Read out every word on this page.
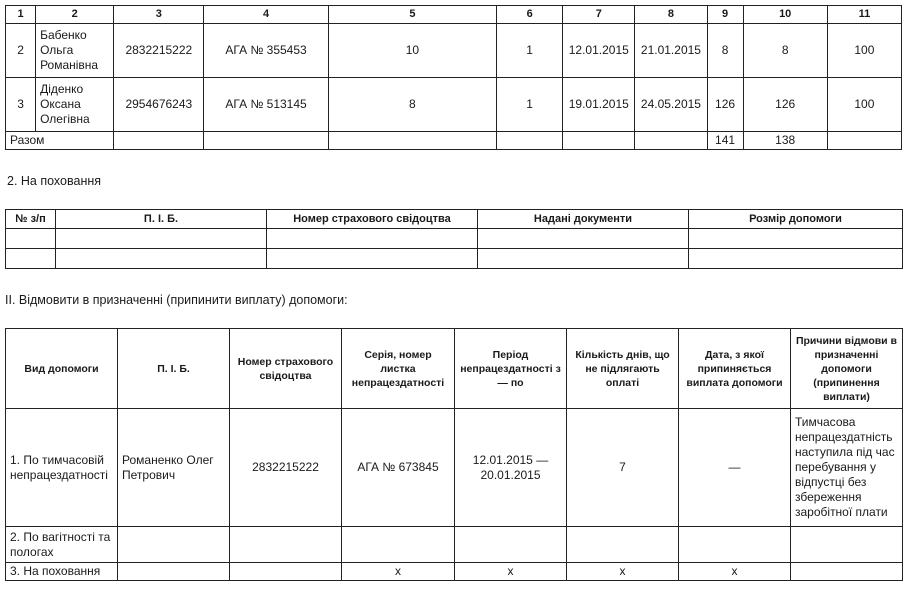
1	2	3	4	5	6	7	8	9	10	11
2	Бабенко Ольга Романівна	2832215222	АГА № 355453	10	1	12.01.2015	21.01.2015	8	8	100
3	Діденко Оксана Олегівна	2954676243	АГА № 513145	8	1	19.01.2015	24.05.2015	126	126	100
Разом								141	138	
2. На поховання
№ з/п	П. І. Б.	Номер страхового свідоцтва	Надані документи	Розмір допомоги

II. Відмовити в призначенні (припинити виплату) допомоги:
Вид допомоги	П. І. Б.	Номер страхового свідоцтва	Серія, номер листка непрацездатності	Період непрацездатності з — по	Кількість днів, що не підлягають оплаті	Дата, з якої припиняється виплата допомоги	Причини відмови в призначенні допомоги (припинення виплати)
1. По тимчасовій непрацездатності	Романенко Олег Петрович	2832215222	АГА № 673845	12.01.2015 — 20.01.2015	7	—	Тимчасова непрацездатність наступила під час перебування у відпустці без збереження заробітної плати
2. По вагітності та пологах							
3. На поховання			х	х	х	х	
